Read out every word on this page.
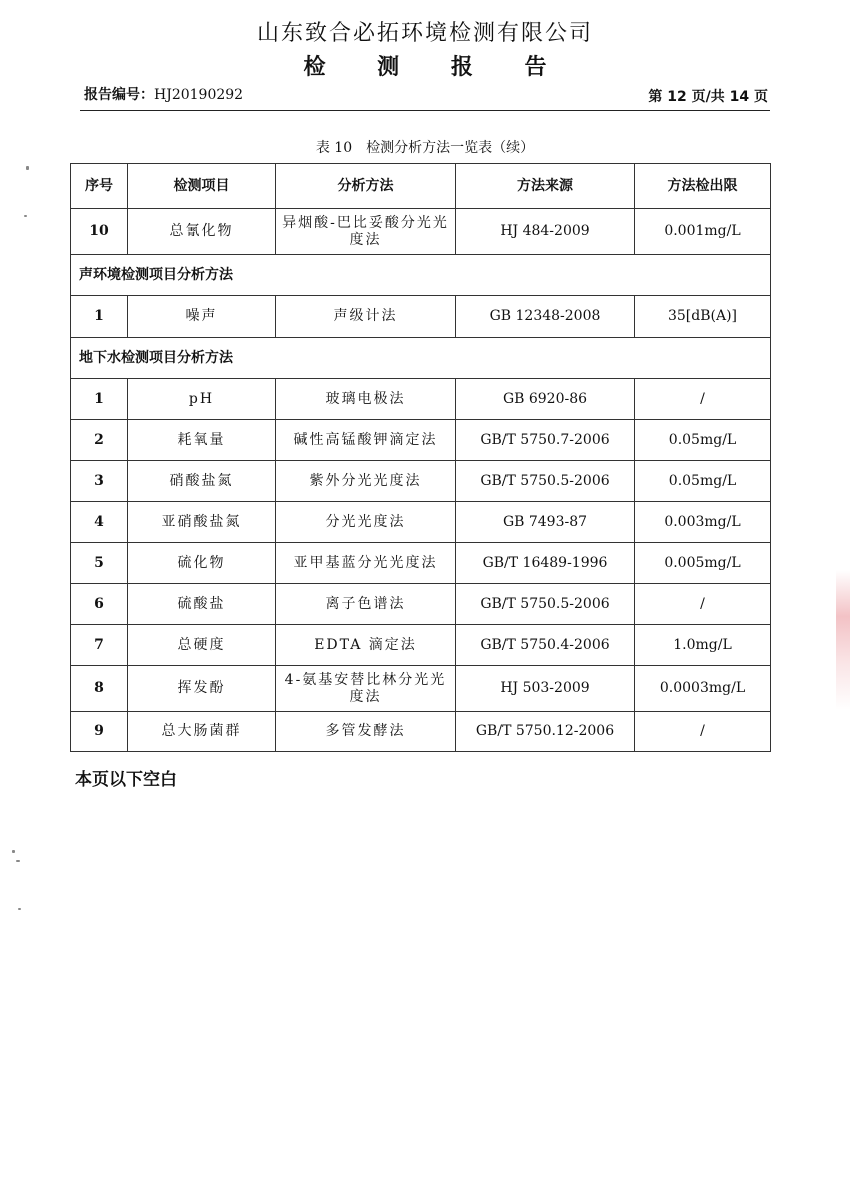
山东致合必拓环境检测有限公司
检 测 报 告
报告编号：HJ20190292	第 12 页/共 14 页
表 10　检测分析方法一览表（续）
序号	检测项目	分析方法	方法来源	方法检出限
10	总氰化物	异烟酸-巴比妥酸分光光度法	HJ 484-2009	0.001mg/L
声环境检测项目分析方法				
1	噪声	声级计法	GB 12348-2008	35[dB(A)]
地下水检测项目分析方法				
1	pH	玻璃电极法	GB 6920-86	/
2	耗氧量	碱性高锰酸钾滴定法	GB/T 5750.7-2006	0.05mg/L
3	硝酸盐氮	紫外分光光度法	GB/T 5750.5-2006	0.05mg/L
4	亚硝酸盐氮	分光光度法	GB 7493-87	0.003mg/L
5	硫化物	亚甲基蓝分光光度法	GB/T 16489-1996	0.005mg/L
6	硫酸盐	离子色谱法	GB/T 5750.5-2006	/
7	总硬度	EDTA 滴定法	GB/T 5750.4-2006	1.0mg/L
8	挥发酚	4-氨基安替比林分光光度法	HJ 503-2009	0.0003mg/L
9	总大肠菌群	多管发酵法	GB/T 5750.12-2006	/
本页以下空白
